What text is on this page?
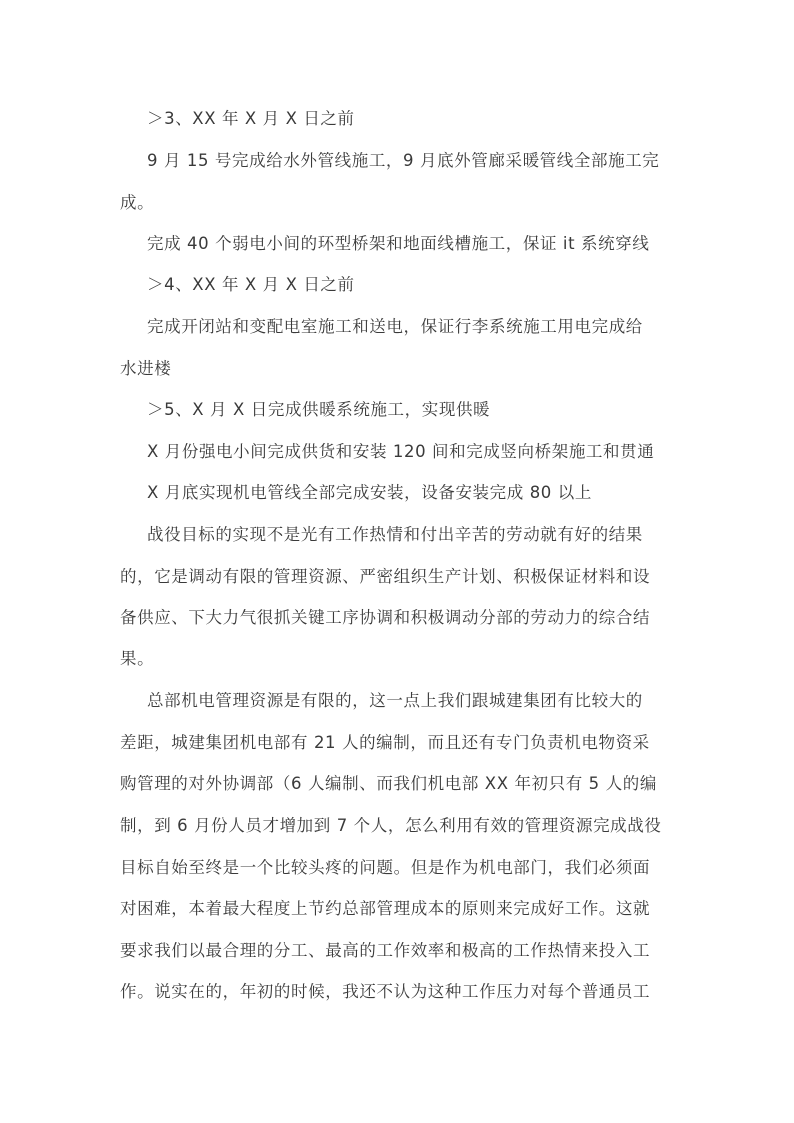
＞3、XX 年 X 月 X 日之前
9 月 15 号完成给水外管线施工，9 月底外管廊采暖管线全部施工完
成。
完成 40 个弱电小间的环型桥架和地面线槽施工，保证 it 系统穿线
＞4、XX 年 X 月 X 日之前
完成开闭站和变配电室施工和送电，保证行李系统施工用电完成给
水进楼
＞5、X 月 X 日完成供暖系统施工，实现供暖
X 月份强电小间完成供货和安装 120 间和完成竖向桥架施工和贯通
X 月底实现机电管线全部完成安装，设备安装完成 80 以上
战役目标的实现不是光有工作热情和付出辛苦的劳动就有好的结果
的，它是调动有限的管理资源、严密组织生产计划、积极保证材料和设
备供应、下大力气很抓关键工序协调和积极调动分部的劳动力的综合结
果。
总部机电管理资源是有限的，这一点上我们跟城建集团有比较大的
差距，城建集团机电部有 21 人的编制，而且还有专门负责机电物资采
购管理的对外协调部（6 人编制、而我们机电部 XX 年初只有 5 人的编
制，到 6 月份人员才增加到 7 个人，怎么利用有效的管理资源完成战役
目标自始至终是一个比较头疼的问题。但是作为机电部门，我们必须面
对困难，本着最大程度上节约总部管理成本的原则来完成好工作。这就
要求我们以最合理的分工、最高的工作效率和极高的工作热情来投入工
作。说实在的，年初的时候，我还不认为这种工作压力对每个普通员工
